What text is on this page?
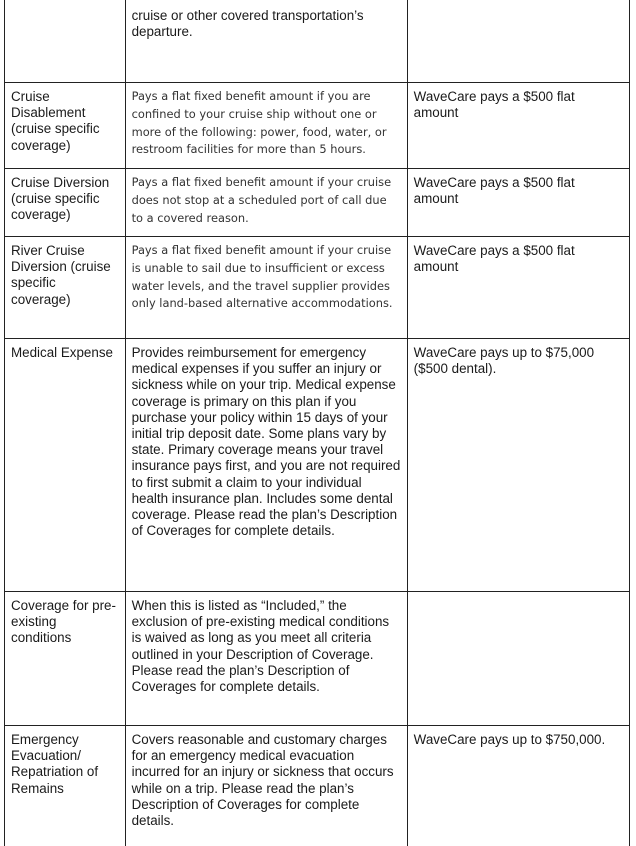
	cruise or other covered transportation’s departure.	
Cruise Disablement (cruise specific coverage)	Pays a flat fixed benefit amount if you are confined to your cruise ship without one or more of the following: power, food, water, or restroom facilities for more than 5 hours.	WaveCare pays a $500 flat amount
Cruise Diversion (cruise specific coverage)	Pays a flat fixed benefit amount if your cruise does not stop at a scheduled port of call due to a covered reason.	WaveCare pays a $500 flat amount
River Cruise Diversion (cruise specific coverage)	Pays a flat fixed benefit amount if your cruise is unable to sail due to insufficient or excess water levels, and the travel supplier provides only land-based alternative accommodations.	WaveCare pays a $500 flat amount
Medical Expense	Provides reimbursement for emergency medical expenses if you suffer an injury or sickness while on your trip. Medical expense coverage is primary on this plan if you purchase your policy within 15 days of your initial trip deposit date. Some plans vary by state. Primary coverage means your travel insurance pays first, and you are not required to first submit a claim to your individual health insurance plan. Includes some dental coverage. Please read the plan’s Description of Coverages for complete details.	WaveCare pays up to $75,000 ($500 dental).
Coverage for pre-existing conditions	When this is listed as “Included,” the exclusion of pre-existing medical conditions is waived as long as you meet all criteria outlined in your Description of Coverage. Please read the plan’s Description of Coverages for complete details.	
Emergency Evacuation/ Repatriation of Remains	Covers reasonable and customary charges for an emergency medical evacuation incurred for an injury or sickness that occurs while on a trip. Please read the plan’s Description of Coverages for complete details.	WaveCare pays up to $750,000.
